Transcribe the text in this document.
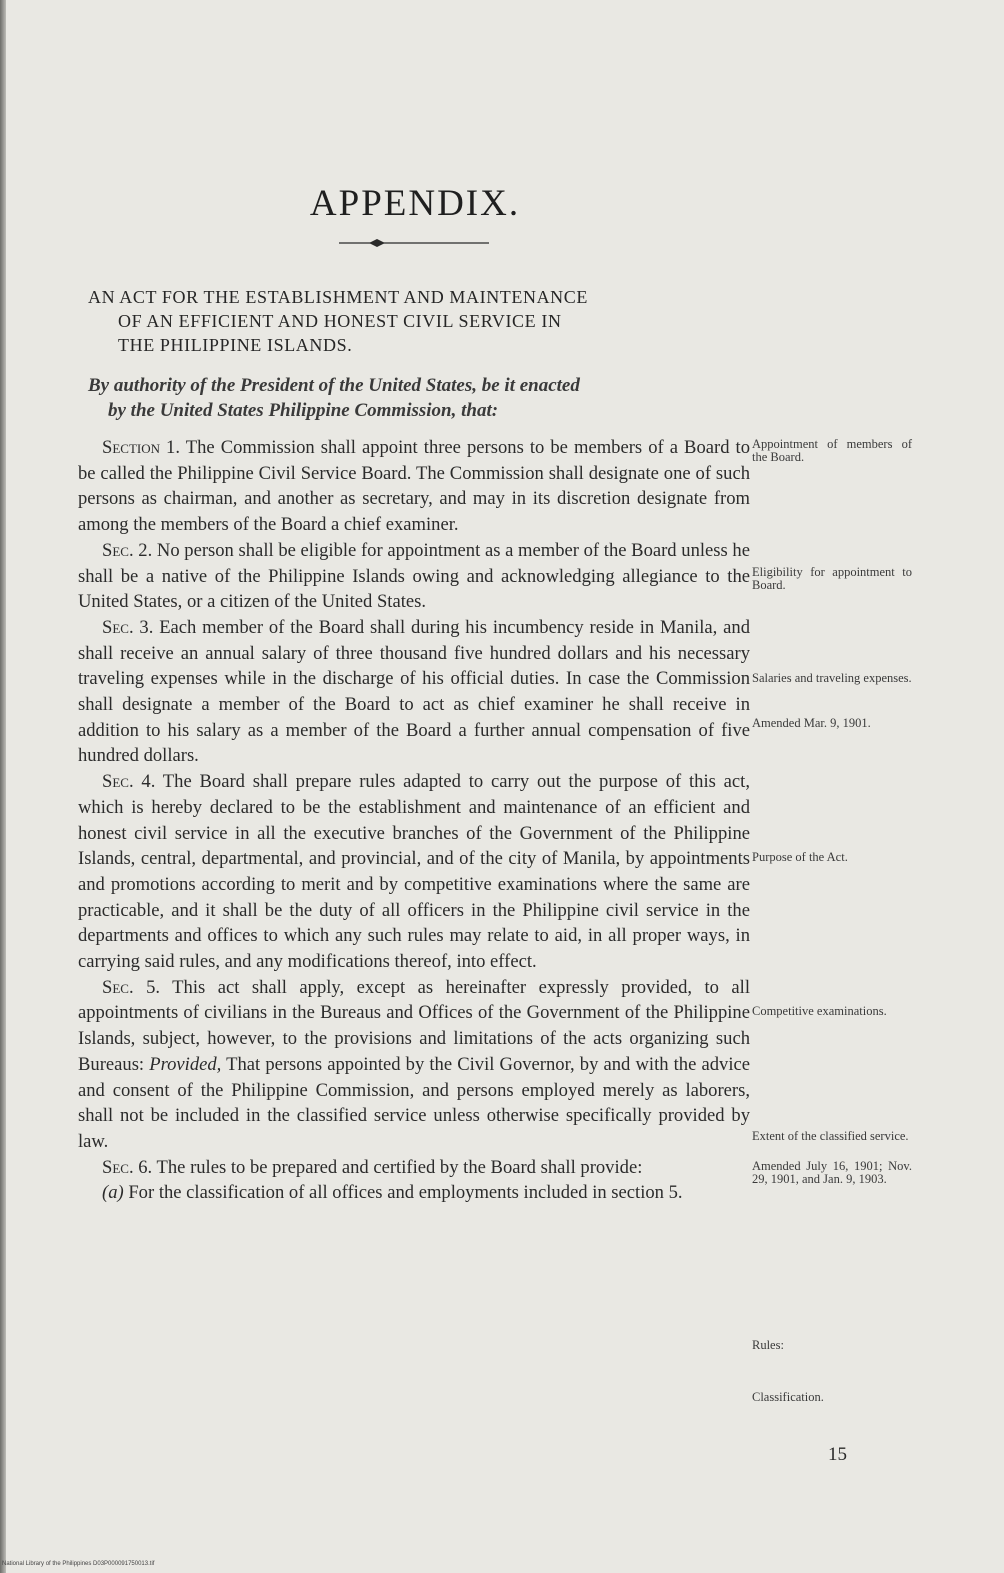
APPENDIX.
AN ACT FOR THE ESTABLISHMENT AND MAINTENANCE
OF AN EFFICIENT AND HONEST CIVIL SERVICE IN
THE PHILIPPINE ISLANDS.
By authority of the President of the United States, be it enacted
by the United States Philippine Commission, that:

Section 1. The Commission shall appoint three persons to be members of a Board to be called the Philippine Civil Service Board. The Commission shall designate one of such persons as chairman, and another as secretary, and may in its discretion designate from among the members of the Board a chief examiner.

Sec. 2. No person shall be eligible for appointment as a member of the Board unless he shall be a native of the Philippine Islands owing and acknowledging allegiance to the United States, or a citizen of the United States.

Sec. 3. Each member of the Board shall during his incumbency reside in Manila, and shall receive an annual salary of three thousand five hundred dollars and his necessary traveling expenses while in the discharge of his official duties. In case the Commission shall designate a member of the Board to act as chief examiner he shall receive in addition to his salary as a member of the Board a further annual compensation of five hundred dollars.

Sec. 4. The Board shall prepare rules adapted to carry out the purpose of this act, which is hereby declared to be the establishment and maintenance of an efficient and honest civil service in all the executive branches of the Government of the Philippine Islands, central, departmental, and provincial, and of the city of Manila, by appointments and promotions according to merit and by competitive examinations where the same are practicable, and it shall be the duty of all officers in the Philippine civil service in the departments and offices to which any such rules may relate to aid, in all proper ways, in carrying said rules, and any modifications thereof, into effect.

Sec. 5. This act shall apply, except as hereinafter expressly provided, to all appointments of civilians in the Bureaus and Offices of the Government of the Philippine Islands, subject, however, to the provisions and limitations of the acts organizing such Bureaus: Provided, That persons appointed by the Civil Governor, by and with the advice and consent of the Philippine Commission, and persons employed merely as laborers, shall not be included in the classified service unless otherwise specifically provided by law.

Sec. 6. The rules to be prepared and certified by the Board shall provide:

(a) For the classification of all offices and employments included in section 5.

Appointment of members of the Board.
Eligibility for appointment to Board.
Salaries and traveling expenses.
Amended Mar. 9, 1901.
Purpose of the Act.
Competitive examinations.
Extent of the classified service.
Amended July 16, 1901; Nov. 29, 1901, and Jan. 9, 1903.
Rules:
Classification.
15
National Library of the Philippines D03P000091750013.tif
